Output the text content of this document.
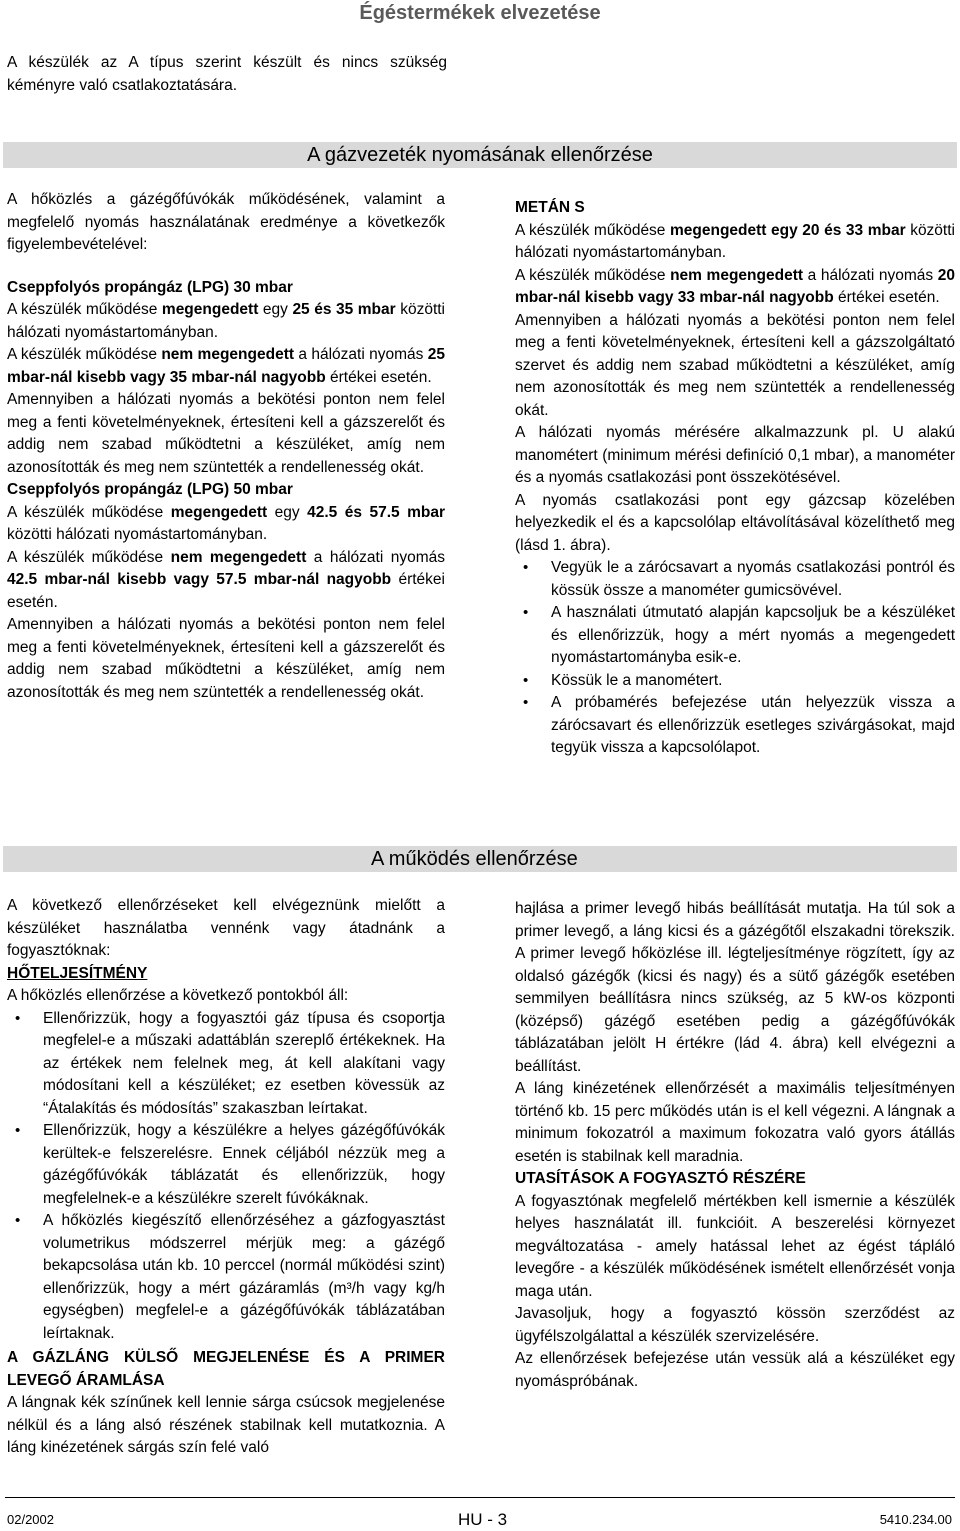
Égéstermékek elvezetése

A készülék az A típus szerint készült és nincs szükség kéményre való csatlakoztatására.

A gázvezeték nyomásának ellenőrzése

A hőközlés a gázégőfúvókák működésének, valamint a megfelelő nyomás használatának eredménye a következők figyelembevételével:

Cseppfolyós propángáz (LPG) 30 mbar

A készülék működése megengedett egy 25 és 35 mbar közötti hálózati nyomástartományban.

A készülék működése nem megengedett a hálózati nyomás 25 mbar-nál kisebb vagy 35 mbar-nál nagyobb értékei esetén.

Amennyiben a hálózati nyomás a bekötési ponton nem felel meg a fenti követelményeknek, értesíteni kell a gázszerelőt és addig nem szabad működtetni a készüléket, amíg nem azonosították és meg nem szüntették a rendellenesség okát.

Cseppfolyós propángáz (LPG) 50 mbar

A készülék működése megengedett egy 42.5 és 57.5 mbar közötti hálózati nyomástartományban.

A készülék működése nem megengedett a hálózati nyomás 42.5 mbar-nál kisebb vagy 57.5 mbar-nál nagyobb értékei esetén.

Amennyiben a hálózati nyomás a bekötési ponton nem felel meg a fenti követelményeknek, értesíteni kell a gázszerelőt és addig nem szabad működtetni a készüléket, amíg nem azonosították és meg nem szüntették a rendellenesség okát.

METÁN S

A készülék működése megengedett egy 20 és 33 mbar közötti hálózati nyomástartományban.

A készülék működése nem megengedett a hálózati nyomás 20 mbar-nál kisebb vagy 33 mbar-nál nagyobb értékei esetén.

Amennyiben a hálózati nyomás a bekötési ponton nem felel meg a fenti követelményeknek, értesíteni kell a gázszolgáltató szervet és addig nem szabad működtetni a készüléket, amíg nem azonosították és meg nem szüntették a rendellenesség okát.

A hálózati nyomás mérésére alkalmazzunk pl. U alakú manométert (minimum mérési definíció 0,1 mbar), a manométer és a nyomás csatlakozási pont összekötésével.

A nyomás csatlakozási pont egy gázcsap közelében helyezkedik el és a kapcsolólap eltávolításával közelíthető meg (lásd 1. ábra).

• Vegyük le a zárócsavart a nyomás csatlakozási pontról és kössük össze a manométer gumicsövével.
• A használati útmutató alapján kapcsoljuk be a készüléket és ellenőrizzük, hogy a mért nyomás a megengedett nyomástartományba esik-e.
• Kössük le a manométert.
• A próbamérés befejezése után helyezzük vissza a zárócsavart és ellenőrizzük esetleges szivárgásokat, majd tegyük vissza a kapcsolólapot.
A működés ellenőrzése

A következő ellenőrzéseket kell elvégeznünk mielőtt a készüléket használatba vennénk vagy átadnánk a fogyasztóknak:

HŐTELJESÍTMÉNY

A hőközlés ellenőrzése a következő pontokból áll:

• Ellenőrizzük, hogy a fogyasztói gáz típusa és csoportja megfelel-e a műszaki adattáblán szereplő értékeknek. Ha az értékek nem felelnek meg, át kell alakítani vagy módosítani kell a készüléket; ez esetben kövessük az “Átalakítás és módosítás” szakaszban leírtakat.
• Ellenőrizzük, hogy a készülékre a helyes gázégőfúvókák kerültek-e felszerelésre. Ennek céljából nézzük meg a gázégőfúvókák táblázatát és ellenőrizzük, hogy megfelelnek-e a készülékre szerelt fúvókáknak.
• A hőközlés kiegészítő ellenőrzéséhez a gázfogyasztást volumetrikus módszerrel mérjük meg: a gázégő bekapcsolása után kb. 10 perccel (normál működési szint) ellenőrizzük, hogy a mért gázáramlás (m³/h vagy kg/h egységben) megfelel-e a gázégőfúvókák táblázatában leírtaknak.

A GÁZLÁNG KÜLSŐ MEGJELENÉSE ÉS A PRIMER LEVEGŐ ÁRAMLÁSA

A lángnak kék színűnek kell lennie sárga csúcsok megjelenése nélkül és a láng alsó részének stabilnak kell mutatkoznia. A láng kinézetének sárgás szín felé való

hajlása a primer levegő hibás beállítását mutatja. Ha túl sok a primer levegő, a láng kicsi és a gázégőtől elszakadni törekszik. A primer levegő hőközlése ill. légteljesítménye rögzített, így az oldalsó gázégők (kicsi és nagy) és a sütő gázégők esetében semmilyen beállításra nincs szükség, az 5 kW-os központi (középső) gázégő esetében pedig a gázégőfúvókák táblázatában jelölt H értékre (lád 4. ábra) kell elvégezni a beállítást.

A láng kinézetének ellenőrzését a maximális teljesítményen történő kb. 15 perc működés után is el kell végezni. A lángnak a minimum fokozatról a maximum fokozatra való gyors átállás esetén is stabilnak kell maradnia.

UTASÍTÁSOK A FOGYASZTÓ RÉSZÉRE

A fogyasztónak megfelelő mértékben kell ismernie a készülék helyes használatát ill. funkcióit. A beszerelési környezet megváltozatása - amely hatással lehet az égést tápláló levegőre - a készülék működésének ismételt ellenőrzését vonja maga után.

Javasoljuk, hogy a fogyasztó kössön szerződést az ügyfélszolgálattal a készülék szervizelésére.

Az ellenőrzések befejezése után vessük alá a készüléket egy nyomáspróbának.

02/2002	HU - 3	5410.234.00
